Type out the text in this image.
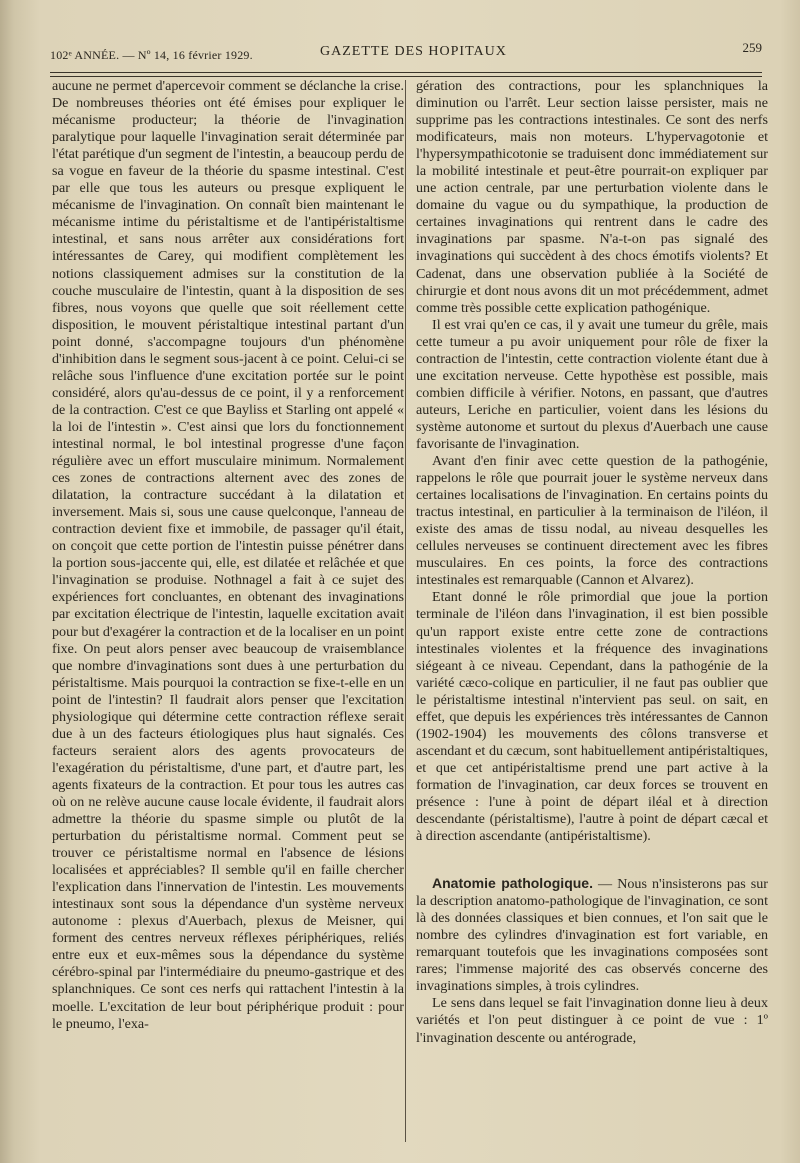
102ᵉ ANNÉE. — Nº 14, 16 février 1929.	GAZETTE DES HOPITAUX	259

aucune ne permet d'apercevoir comment se déclanche la crise. De nombreuses théories ont été émises pour expliquer le mécanisme producteur; la théorie de l'invagination paralytique pour laquelle l'invagination serait déterminée par l'état parétique d'un segment de l'intestin, a beaucoup perdu de sa vogue en faveur de la théorie du spasme intestinal. C'est par elle que tous les auteurs ou presque expliquent le mécanisme de l'invagination. On connaît bien maintenant le mécanisme intime du péristaltisme et de l'antipéristaltisme intestinal, et sans nous arrêter aux considérations fort intéressantes de Carey, qui modifient complètement les notions classiquement admises sur la constitution de la couche musculaire de l'intestin, quant à la disposition de ses fibres, nous voyons que quelle que soit réellement cette disposition, le mouvent péristaltique intestinal partant d'un point donné, s'accompagne toujours d'un phénomène d'inhibition dans le segment sous-jacent à ce point. Celui-ci se relâche sous l'influence d'une excitation portée sur le point considéré, alors qu'au-dessus de ce point, il y a renforcement de la contraction. C'est ce que Bayliss et Starling ont appelé « la loi de l'intestin ». C'est ainsi que lors du fonctionnement intestinal normal, le bol intestinal progresse d'une façon régulière avec un effort musculaire minimum. Normalement ces zones de contractions alternent avec des zones de dilatation, la contracture succédant à la dilatation et inversement. Mais si, sous une cause quelconque, l'anneau de contraction devient fixe et immobile, de passager qu'il était, on conçoit que cette portion de l'intestin puisse pénétrer dans la portion sous-jaccente qui, elle, est dilatée et relâchée et que l'invagination se produise. Nothnagel a fait à ce sujet des expériences fort concluantes, en obtenant des invaginations par excitation électrique de l'intestin, laquelle excitation avait pour but d'exagérer la contraction et de la localiser en un point fixe. On peut alors penser avec beaucoup de vraisemblance que nombre d'invaginations sont dues à une perturbation du péristaltisme. Mais pourquoi la contraction se fixe-t-elle en un point de l'intestin? Il faudrait alors penser que l'excitation physiologique qui détermine cette contraction réflexe serait due à un des facteurs étiologiques plus haut signalés. Ces facteurs seraient alors des agents provocateurs de l'exagération du péristaltisme, d'une part, et d'autre part, les agents fixateurs de la contraction. Et pour tous les autres cas où on ne relève aucune cause locale évidente, il faudrait alors admettre la théorie du spasme simple ou plutôt de la perturbation du péristaltisme normal. Comment peut se trouver ce péristaltisme normal en l'absence de lésions localisées et appréciables? Il semble qu'il en faille chercher l'explication dans l'innervation de l'intestin. Les mouvements intestinaux sont sous la dépendance d'un système nerveux autonome : plexus d'Auerbach, plexus de Meisner, qui forment des centres nerveux réflexes périphériques, reliés entre eux et eux-mêmes sous la dépendance du système cérébro-spinal par l'intermédiaire du pneumo-gastrique et des splanchniques. Ce sont ces nerfs qui rattachent l'intestin à la moelle. L'excitation de leur bout périphérique produit : pour le pneumo, l'exa-

gération des contractions, pour les splanchniques la diminution ou l'arrêt. Leur section laisse persister, mais ne supprime pas les contractions intestinales. Ce sont des nerfs modificateurs, mais non moteurs. L'hypervagotonie et l'hypersympathicotonie se traduisent donc immédiatement sur la mobilité intestinale et peut-être pourrait-on expliquer par une action centrale, par une perturbation violente dans le domaine du vague ou du sympathique, la production de certaines invaginations qui rentrent dans le cadre des invaginations par spasme. N'a-t-on pas signalé des invaginations qui succèdent à des chocs émotifs violents? Et Cadenat, dans une observation publiée à la Société de chirurgie et dont nous avons dit un mot précédemment, admet comme très possible cette explication pathogénique.

Il est vrai qu'en ce cas, il y avait une tumeur du grêle, mais cette tumeur a pu avoir uniquement pour rôle de fixer la contraction de l'intestin, cette contraction violente étant due à une excitation nerveuse. Cette hypothèse est possible, mais combien difficile à vérifier. Notons, en passant, que d'autres auteurs, Leriche en particulier, voient dans les lésions du système autonome et surtout du plexus d'Auerbach une cause favorisante de l'invagination.

Avant d'en finir avec cette question de la pathogénie, rappelons le rôle que pourrait jouer le système nerveux dans certaines localisations de l'invagination. En certains points du tractus intestinal, en particulier à la terminaison de l'iléon, il existe des amas de tissu nodal, au niveau desquelles les cellules nerveuses se continuent directement avec les fibres musculaires. En ces points, la force des contractions intestinales est remarquable (Cannon et Alvarez).

Etant donné le rôle primordial que joue la portion terminale de l'iléon dans l'invagination, il est bien possible qu'un rapport existe entre cette zone de contractions intestinales violentes et la fréquence des invaginations siégeant à ce niveau. Cependant, dans la pathogénie de la variété cæco-colique en particulier, il ne faut pas oublier que le péristaltisme intestinal n'intervient pas seul. on sait, en effet, que depuis les expériences très intéressantes de Cannon (1902-1904) les mouvements des côlons transverse et ascendant et du cæcum, sont habituellement antipéristaltiques, et que cet antipéristaltisme prend une part active à la formation de l'invagination, car deux forces se trouvent en présence : l'une à point de départ iléal et à direction descendante (péristaltisme), l'autre à point de départ cæcal et à direction ascendante (antipéristaltisme).

Anatomie pathologique. — Nous n'insisterons pas sur la description anatomo-pathologique de l'invagination, ce sont là des données classiques et bien connues, et l'on sait que le nombre des cylindres d'invagination est fort variable, en remarquant toutefois que les invaginations composées sont rares; l'immense majorité des cas observés concerne des invaginations simples, à trois cylindres.

Le sens dans lequel se fait l'invagination donne lieu à deux variétés et l'on peut distinguer à ce point de vue : 1º l'invagination descente ou antérograde,
